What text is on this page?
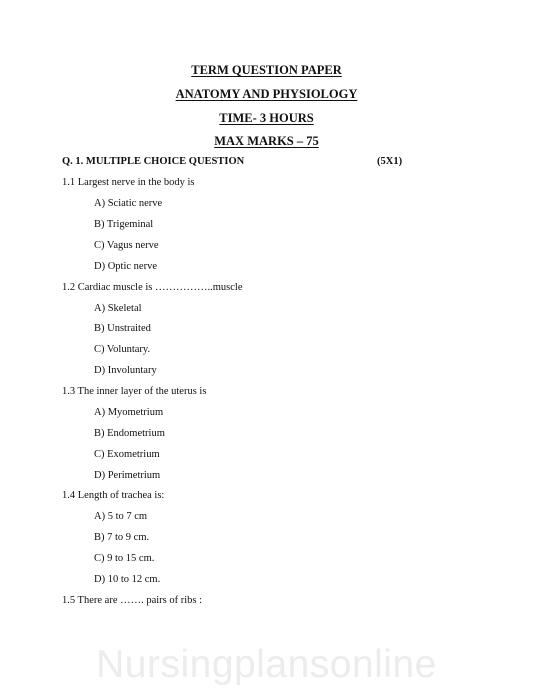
TERM QUESTION PAPER
ANATOMY AND PHYSIOLOGY
TIME- 3 HOURS
MAX MARKS – 75
Q. 1. MULTIPLE CHOICE QUESTION	(5X1)
1.1 Largest nerve in the body is
A) Sciatic nerve
B) Trigeminal
C) Vagus nerve
D) Optic nerve
1.2 Cardiac muscle is ……………..muscle
A) Skeletal
B) Unstraited
C) Voluntary.
D) Involuntary
1.3 The inner layer of the uterus is
A) Myometrium
B) Endometrium
C) Exometrium
D) Perimetrium
1.4 Length of trachea is:
A) 5 to 7 cm
B) 7 to 9 cm.
C) 9 to 15 cm.
D) 10 to 12 cm.
1.5 There are ……. pairs of ribs :
Nursingplansonline
